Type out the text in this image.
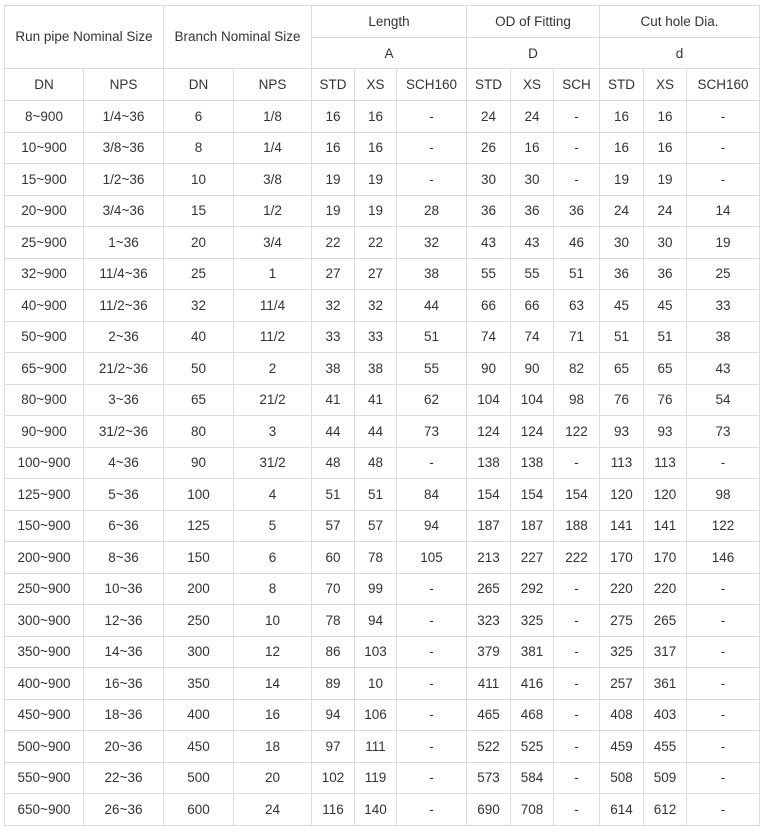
Run pipe Nominal Size		Branch Nominal Size		Length			OD of Fitting			Cut hole Dia.		
				A			D			d		
DN	NPS	DN	NPS	STD	XS	SCH160	STD	XS	SCH	STD	XS	SCH160
8~900	1/4~36	6	1/8	16	16	-	24	24	-	16	16	-
10~900	3/8~36	8	1/4	16	16	-	26	16	-	16	16	-
15~900	1/2~36	10	3/8	19	19	-	30	30	-	19	19	-
20~900	3/4~36	15	1/2	19	19	28	36	36	36	24	24	14
25~900	1~36	20	3/4	22	22	32	43	43	46	30	30	19
32~900	11/4~36	25	1	27	27	38	55	55	51	36	36	25
40~900	11/2~36	32	11/4	32	32	44	66	66	63	45	45	33
50~900	2~36	40	11/2	33	33	51	74	74	71	51	51	38
65~900	21/2~36	50	2	38	38	55	90	90	82	65	65	43
80~900	3~36	65	21/2	41	41	62	104	104	98	76	76	54
90~900	31/2~36	80	3	44	44	73	124	124	122	93	93	73
100~900	4~36	90	31/2	48	48	-	138	138	-	113	113	-
125~900	5~36	100	4	51	51	84	154	154	154	120	120	98
150~900	6~36	125	5	57	57	94	187	187	188	141	141	122
200~900	8~36	150	6	60	78	105	213	227	222	170	170	146
250~900	10~36	200	8	70	99	-	265	292	-	220	220	-
300~900	12~36	250	10	78	94	-	323	325	-	275	265	-
350~900	14~36	300	12	86	103	-	379	381	-	325	317	-
400~900	16~36	350	14	89	10	-	411	416	-	257	361	-
450~900	18~36	400	16	94	106	-	465	468	-	408	403	-
500~900	20~36	450	18	97	111	-	522	525	-	459	455	-
550~900	22~36	500	20	102	119	-	573	584	-	508	509	-
650~900	26~36	600	24	116	140	-	690	708	-	614	612	-
